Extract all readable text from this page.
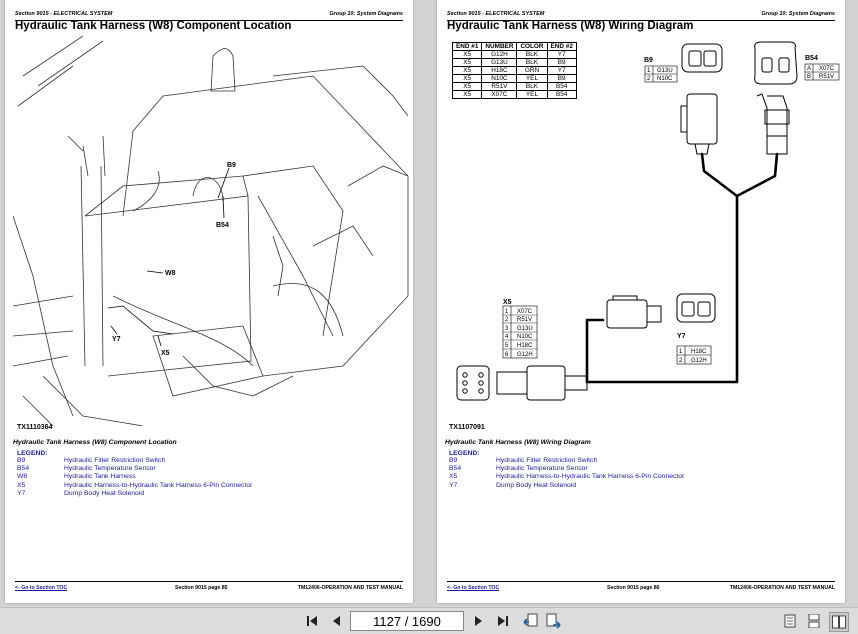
Section 9015 - ELECTRICAL SYSTEM	Group 10: System Diagrams
Hydraulic Tank Harness (W8) Component Location
B9
B54
W8
Y7
X5
TX1110364
Hydraulic Tank Harness (W8) Component Location
LEGEND:
B9	Hydraulic Filter Restriction Switch
B54	Hydraulic Temperature Sensor
W8	Hydraulic Tank Harness
X5	Hydraulic Harness-to-Hydraulic Tank Harness 6-Pin Connector
Y7	Dump Body Heat Solenoid
<- Go to Section TOC	Section 9015 page 85	TM12406-OPERATION AND TEST MANUAL
Section 9015 - ELECTRICAL SYSTEM	Group 10: System Diagrams
Hydraulic Tank Harness (W8) Wiring Diagram
END #1	NUMBER	COLOR	END #2
X5	G12H	BLK	Y7
X5	G13U	BLK	B9
X5	H18C	GRN	Y7
X5	N10C	YEL	B9
X5	R51V	BLK	B54
X5	X07C	YEL	B54
B9
1 G13U
2 N10C
B54
A X07C
B R51V
X5
1 X07C
2 R51V
3 G13U
4 N10C
5 H18C
6 G12H
Y7
1 H18C
2 G12H
TX1107091
Hydraulic Tank Harness (W8) Wiring Diagram
LEGEND:
B9	Hydraulic Filter Restriction Switch
B54	Hydraulic Temperature Sensor
X5	Hydraulic Harness-to-Hydraulic Tank Harness 6-Pin Connector
Y7	Dump Body Heat Solenoid
<- Go to Section TOC	Section 9015 page 86	TM12406-OPERATION AND TEST MANUAL
1127 / 1690
